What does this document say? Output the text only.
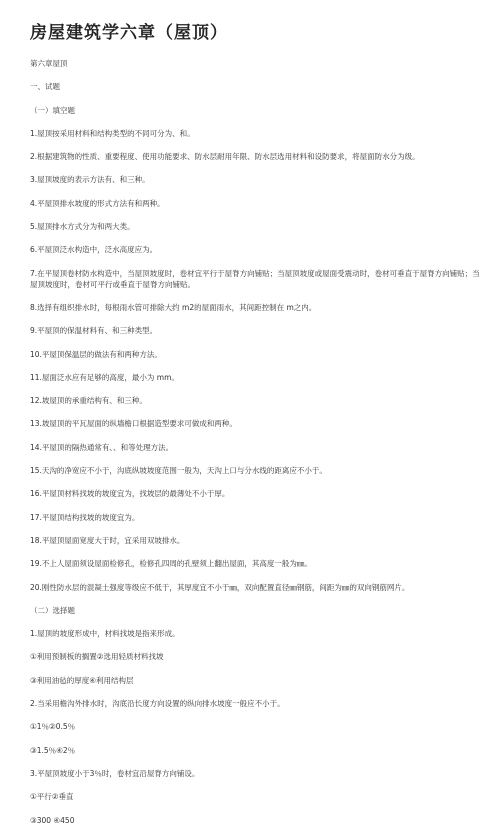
房屋建筑学六章（屋顶）

第六章屋顶

一、试题

（一）填空题

1.屋顶按采用材料和结构类型的不同可分为、和。

2.根据建筑物的性质、重要程度、使用功能要求、防水层耐用年限、防水层选用材料和设防要求，将屋面防水分为级。

3.屋顶坡度的表示方法有、和三种。

4.平屋顶排水坡度的形式方法有和两种。

5.屋顶排水方式分为和两大类。

6.平屋顶泛水构造中，泛水高度应为。

7.在平屋顶卷材防水构造中，当屋顶坡度时，卷材宜平行于屋脊方向铺贴；当屋顶坡度或屋面受震动时，卷材可垂直于屋脊方向铺贴；当屋顶坡度时，卷材可平行或垂直于屋脊方向铺贴。

8.选择有组织排水时，每根雨水管可排除大约 m2的屋面雨水，其间距控制在 m之内。

9.平屋顶的保温材料有、和三种类型。

10.平屋顶保温层的做法有和两种方法。

11.屋面泛水应有足够的高度，最小为 mm。

12.坡屋顶的承重结构有、和三种。

13.坡屋顶的平瓦屋面的纵墙檐口根据造型要求可做成和两种。

14.平屋顶的隔热通常有、、和等处理方法。

15.天沟的净宽应不小于，沟底纵坡坡度范围一般为，天沟上口与分水线的距离应不小于。

16.平屋顶材料找坡的坡度宜为，找坡层的最薄处不小于厚。

17.平屋顶结构找坡的坡度宜为。

18.平屋顶屋面宽度大于时，宜采用双坡排水。

19.不上人屋面须设屋面检修孔，检修孔四周的孔壁须上翻出屋面，其高度一般为㎜。

20.刚性防水层的混凝土强度等级应不低于，其厚度宜不小于㎜，双向配置直径㎜钢筋，间距为㎜的双向钢筋网片。

（二）选择题

1.屋顶的坡度形成中，材料找坡是指来形成。

①利用预制板的搁置②选用轻质材料找坡

③利用油毡的厚度④利用结构层

2.当采用檐沟外排水时，沟底沿长度方向设置的纵向排水坡度一般应不小于。

①1％②0.5％

③1.5％④2％

3.平屋顶坡度小于3％时，卷材宜沿屋脊方向铺设。

①平行②垂直

③300 ④450
